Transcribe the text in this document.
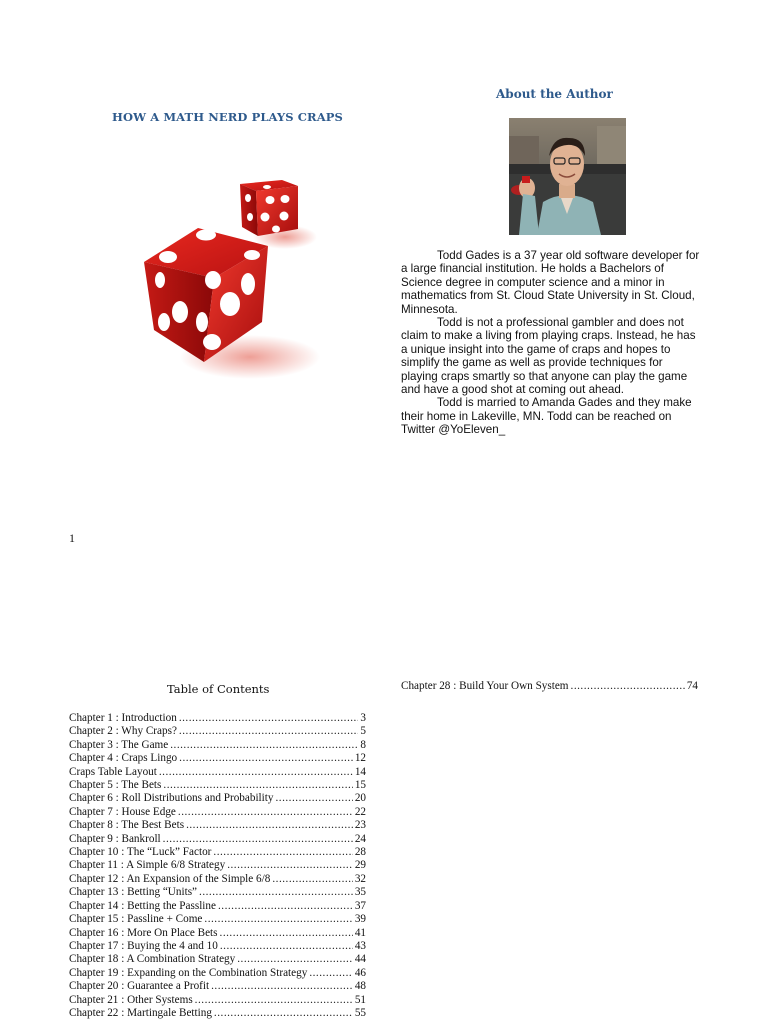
HOW A MATH NERD PLAYS CRAPS
About the Author

Todd Gades is a 37 year old software developer for a large financial institution. He holds a Bachelors of Science degree in computer science and a minor in mathematics from St. Cloud State University in St. Cloud, Minnesota.

Todd is not a professional gambler and does not claim to make a living from playing craps. Instead, he has a unique insight into the game of craps and hopes to simplify the game as well as provide techniques for playing craps smartly so that anyone can play the game and have a good shot at coming out ahead.

Todd is married to Amanda Gades and they make their home in Lakeville, MN. Todd can be reached on Twitter @YoEleven_

1
Table of Contents
Chapter 1 : Introduction .....	3
Chapter 2 : Why Craps? .....	5
Chapter 3 : The Game .....	8
Chapter 4 : Craps Lingo .....	12
Craps Table Layout .....	14
Chapter 5 : The Bets .....	15
Chapter 6 : Roll Distributions and Probability .....	20
Chapter 7 : House Edge .....	22
Chapter 8 : The Best Bets .....	23
Chapter 9 : Bankroll .....	24
Chapter 10 : The “Luck” Factor .....	28
Chapter 11 : A Simple 6/8 Strategy .....	29
Chapter 12 : An Expansion of the Simple 6/8 .....	32
Chapter 13 : Betting “Units” .....	35
Chapter 14 : Betting the Passline .....	37
Chapter 15 : Passline + Come .....	39
Chapter 16 : More On Place Bets .....	41
Chapter 17 : Buying the 4 and 10 .....	43
Chapter 18 : A Combination Strategy .....	44
Chapter 19 : Expanding on the Combination Strategy .....	46
Chapter 20 : Guarantee a Profit .....	48
Chapter 21 : Other Systems .....	51
Chapter 22 : Martingale Betting .....	55
Chapter 28 : Build Your Own System .....	74
